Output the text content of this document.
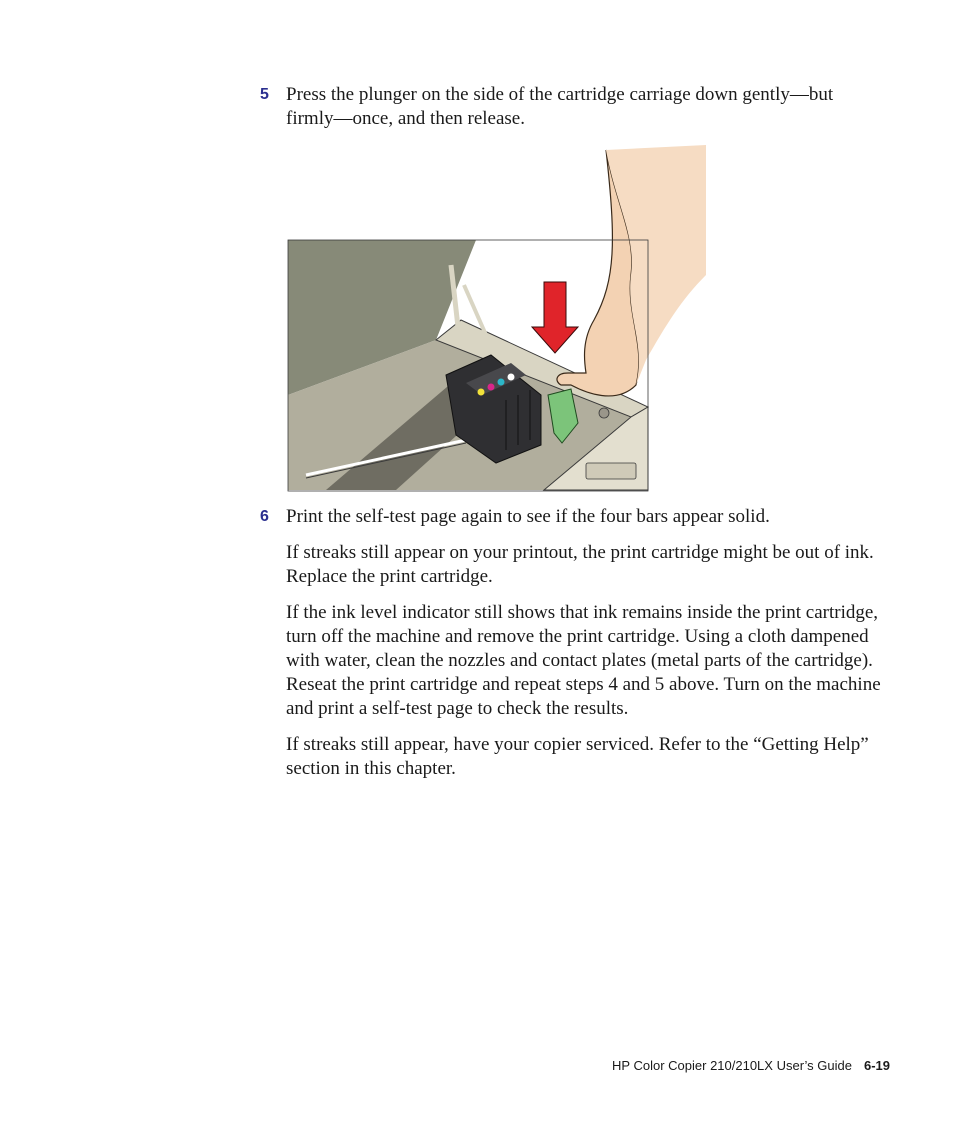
5 Press the plunger on the side of the cartridge carriage down gently—but firmly—once, and then release.
6 Print the self-test page again to see if the four bars appear solid.

If streaks still appear on your printout, the print cartridge might be out of ink. Replace the print cartridge.

If the ink level indicator still shows that ink remains inside the print cartridge, turn off the machine and remove the print cartridge. Using a cloth dampened with water, clean the nozzles and contact plates (metal parts of the cartridge). Reseat the print cartridge and repeat steps 4 and 5 above. Turn on the machine and print a self-test page to check the results.

If streaks still appear, have your copier serviced. Refer to the “Getting Help” section in this chapter.

HP Color Copier 210/210LX User’s Guide 6-19
